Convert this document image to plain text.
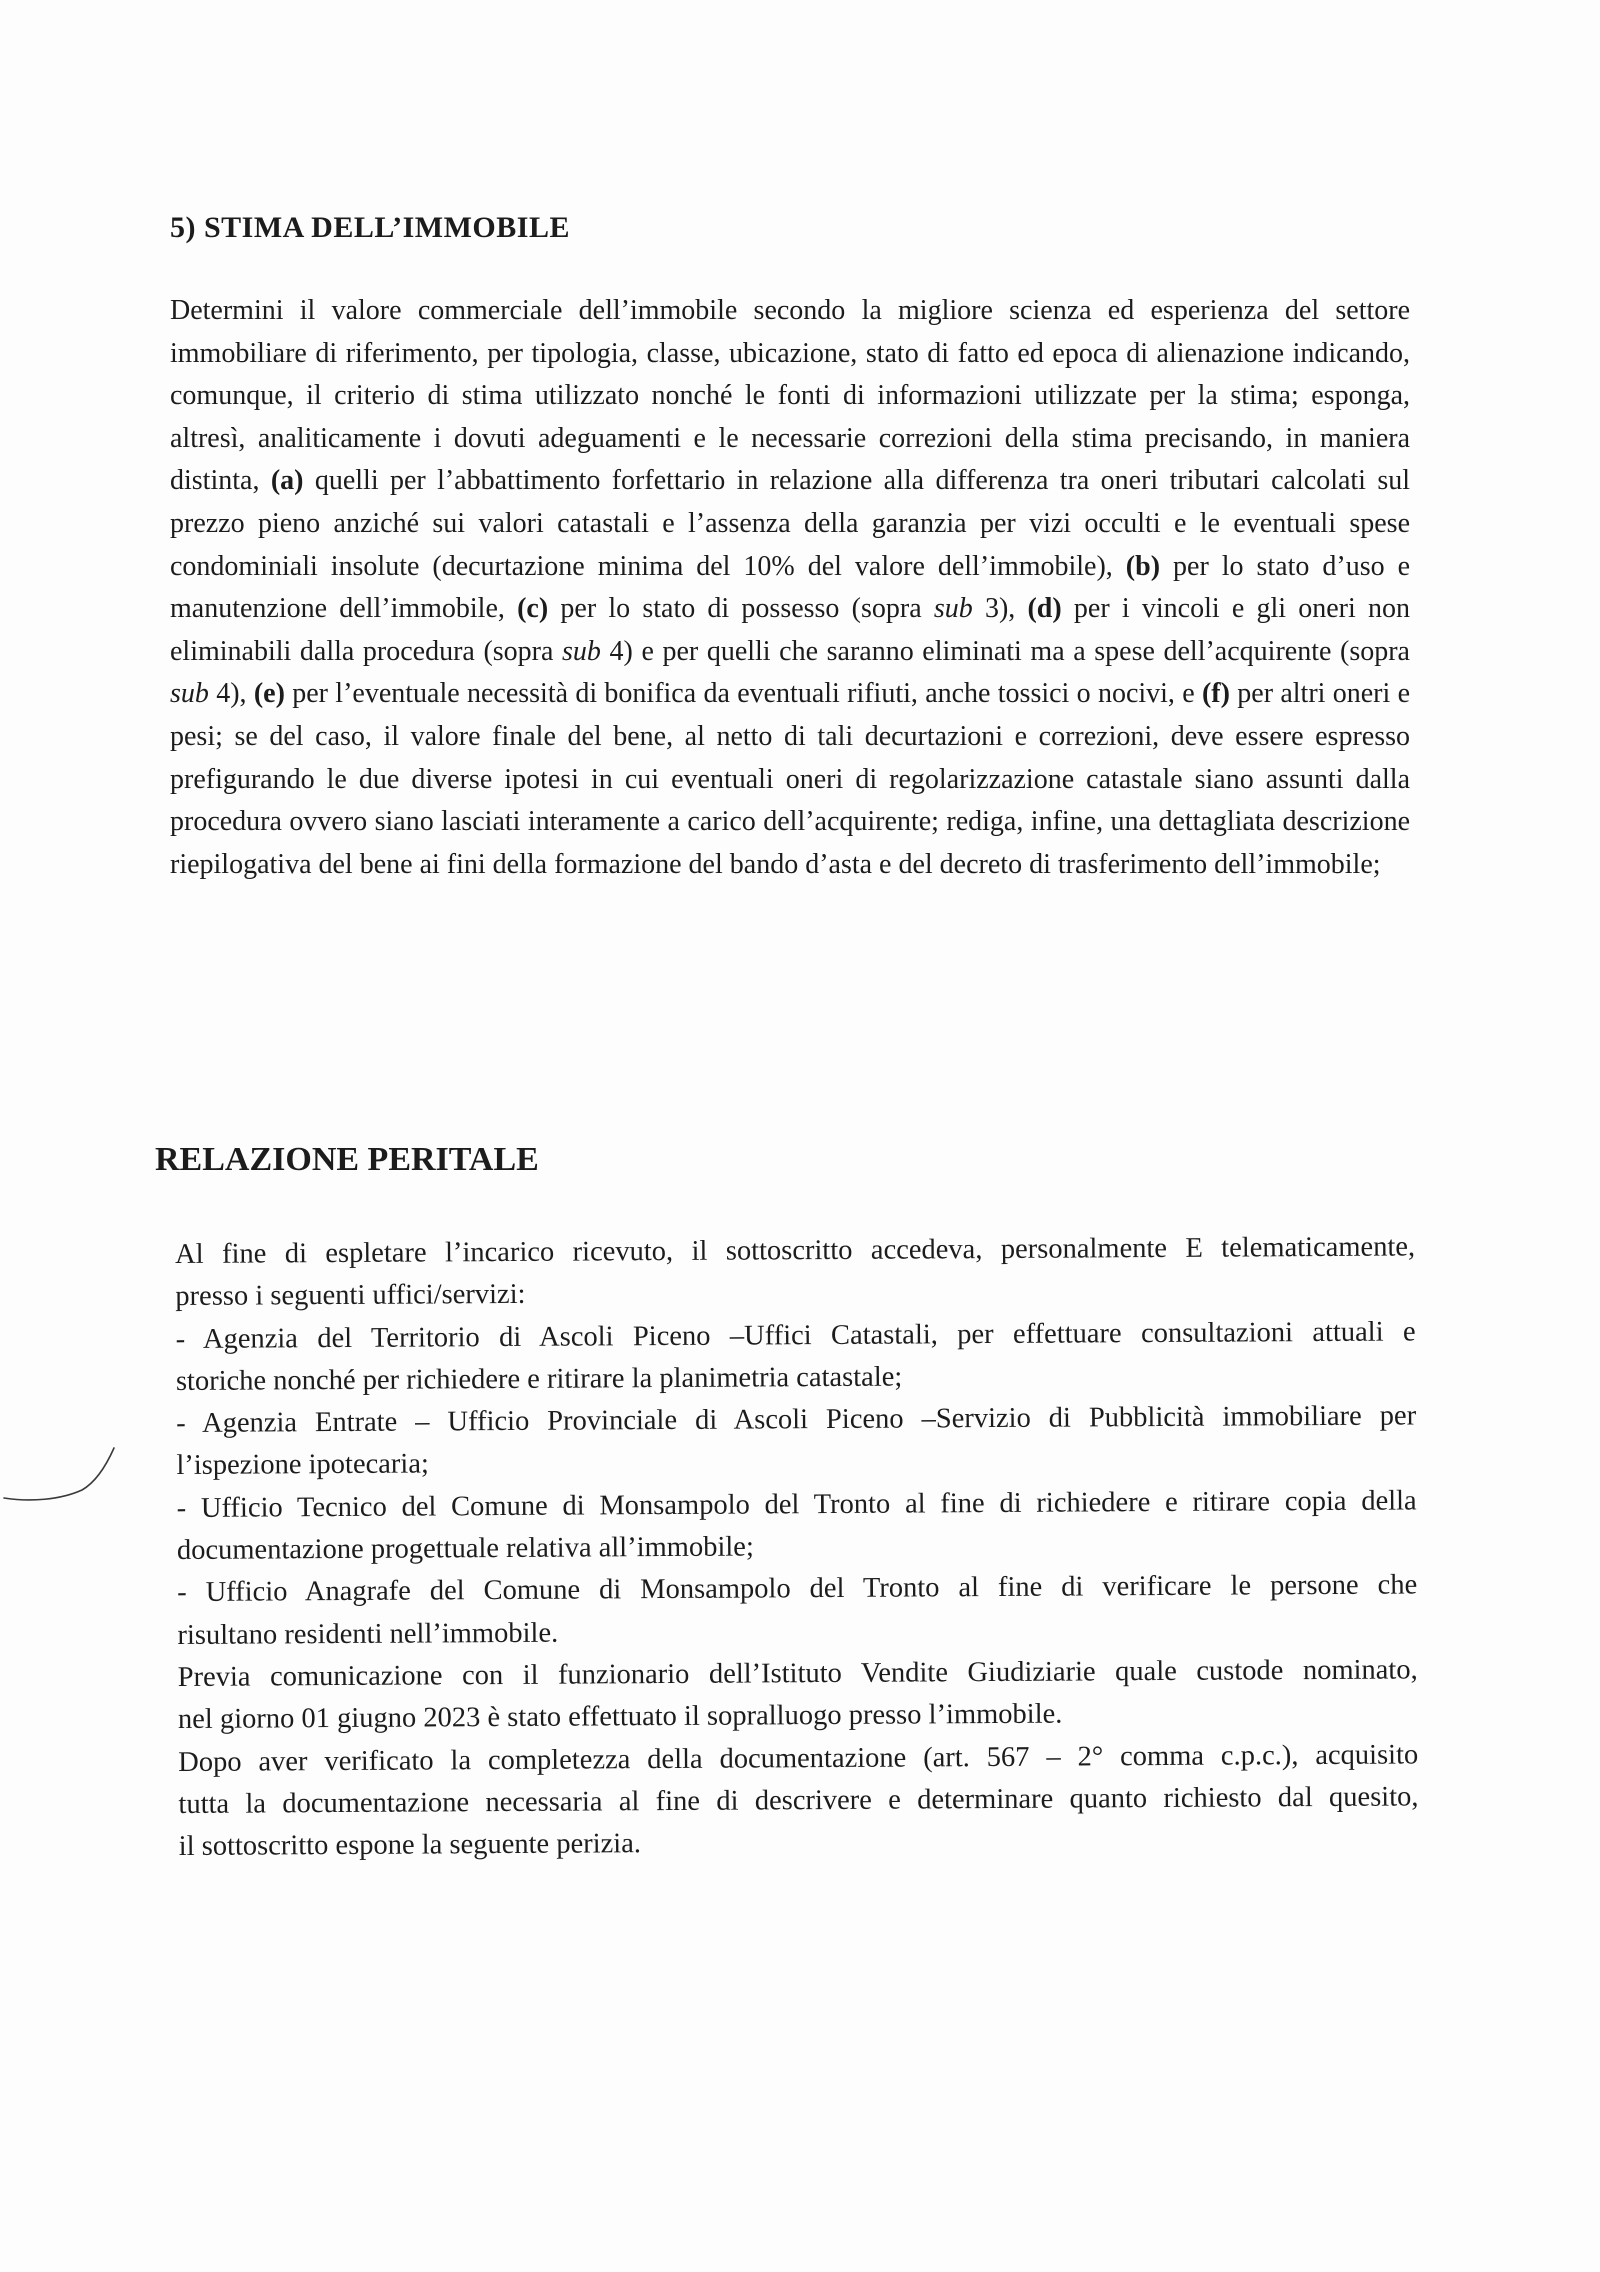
5) STIMA DELL’IMMOBILE

Determini il valore commerciale dell’immobile secondo la migliore scienza ed esperienza del settore immobiliare di riferimento, per tipologia, classe, ubicazione, stato di fatto ed epoca di alienazione indicando, comunque, il criterio di stima utilizzato nonché le fonti di informazioni utilizzate per la stima; esponga, altresì, analiticamente i dovuti adeguamenti e le necessarie correzioni della stima precisando, in maniera distinta, (a) quelli per l’abbattimento forfettario in relazione alla differenza tra oneri tributari calcolati sul prezzo pieno anziché sui valori catastali e l’assenza della garanzia per vizi occulti e le eventuali spese condominiali insolute (decurtazione minima del 10% del valore dell’immobile), (b) per lo stato d’uso e manutenzione dell’immobile, (c) per lo stato di possesso (sopra sub 3), (d) per i vincoli e gli oneri non eliminabili dalla procedura (sopra sub 4) e per quelli che saranno eliminati ma a spese dell’acquirente (sopra sub 4), (e) per l’eventuale necessità di bonifica da eventuali rifiuti, anche tossici o nocivi, e (f) per altri oneri e pesi; se del caso, il valore finale del bene, al netto di tali decurtazioni e correzioni, deve essere espresso prefigurando le due diverse ipotesi in cui eventuali oneri di regolarizzazione catastale siano assunti dalla procedura ovvero siano lasciati interamente a carico dell’acquirente; rediga, infine, una dettagliata descrizione riepilogativa del bene ai fini della formazione del bando d’asta e del decreto di trasferimento dell’immobile;

RELAZIONE PERITALE

Al fine di espletare l’incarico ricevuto, il sottoscritto accedeva, personalmente E telematicamente,

presso i seguenti uffici/servizi:

- Agenzia del Territorio di Ascoli Piceno –Uffici Catastali, per effettuare consultazioni attuali e

storiche nonché per richiedere e ritirare la planimetria catastale;

- Agenzia Entrate – Ufficio Provinciale di Ascoli Piceno –Servizio di Pubblicità immobiliare per

l’ispezione ipotecaria;

- Ufficio Tecnico del Comune di Monsampolo del Tronto al fine di richiedere e ritirare copia della

documentazione progettuale relativa all’immobile;

- Ufficio Anagrafe del Comune di Monsampolo del Tronto al fine di verificare le persone che

risultano residenti nell’immobile.

Previa comunicazione con il funzionario dell’Istituto Vendite Giudiziarie quale custode nominato,

nel giorno 01 giugno 2023 è stato effettuato il sopralluogo presso l’immobile.

Dopo aver verificato la completezza della documentazione (art. 567 – 2° comma c.p.c.), acquisito

tutta la documentazione necessaria al fine di descrivere e determinare quanto richiesto dal quesito,

il sottoscritto espone la seguente perizia.
